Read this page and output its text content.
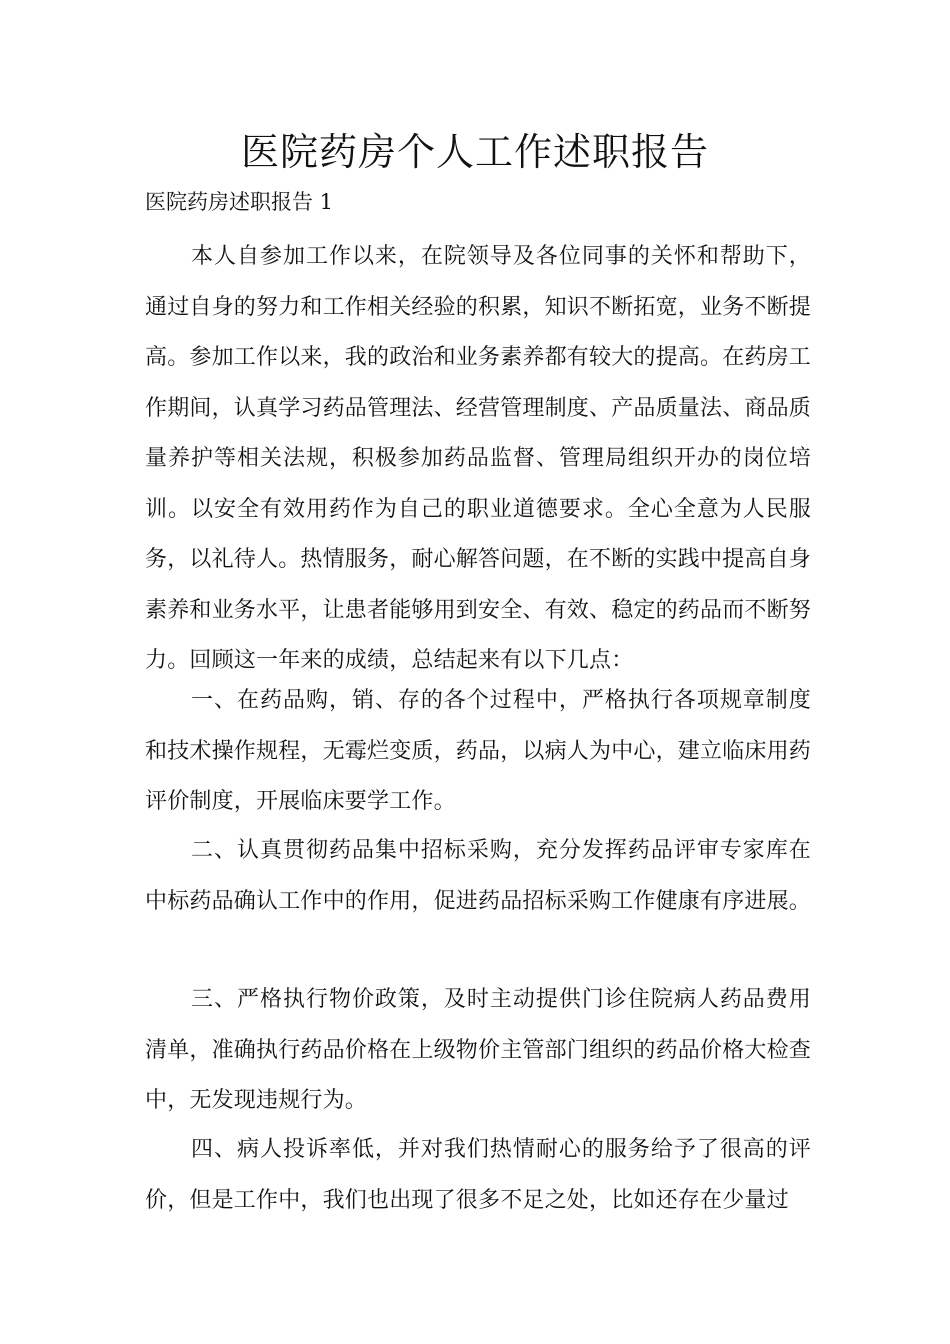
医院药房个人工作述职报告

医院药房述职报告 1

本人自参加工作以来，在院领导及各位同事的关怀和帮助下，通过自身的努力和工作相关经验的积累，知识不断拓宽，业务不断提高。参加工作以来，我的政治和业务素养都有较大的提高。在药房工作期间，认真学习药品管理法、经营管理制度、产品质量法、商品质量养护等相关法规，积极参加药品监督、管理局组织开办的岗位培训。以安全有效用药作为自己的职业道德要求。全心全意为人民服务，以礼待人。热情服务，耐心解答问题，在不断的实践中提高自身素养和业务水平，让患者能够用到安全、有效、稳定的药品而不断努力。回顾这一年来的成绩，总结起来有以下几点：

一、在药品购，销、存的各个过程中，严格执行各项规章制度和技术操作规程，无霉烂变质，药品，以病人为中心，建立临床用药评价制度，开展临床要学工作。

二、认真贯彻药品集中招标采购，充分发挥药品评审专家库在中标药品确认工作中的作用，促进药品招标采购工作健康有序进展。

三、严格执行物价政策，及时主动提供门诊住院病人药品费用清单，准确执行药品价格在上级物价主管部门组织的药品价格大检查中，无发现违规行为。

四、病人投诉率低，并对我们热情耐心的服务给予了很高的评价，但是工作中，我们也出现了很多不足之处，比如还存在少量过
